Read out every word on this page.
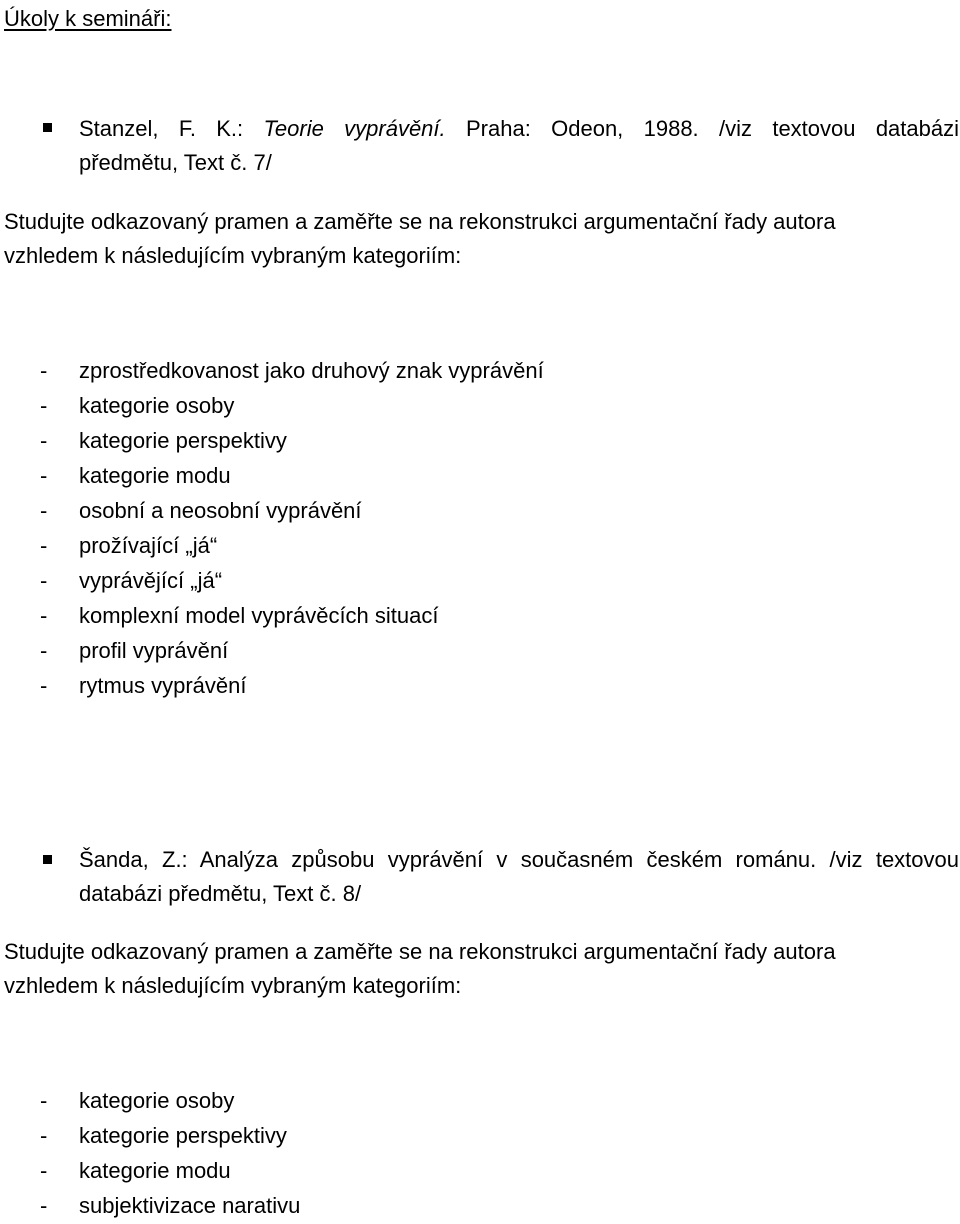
Úkoly k semináři:
Stanzel, F. K.: Teorie vyprávění. Praha: Odeon, 1988. /viz textovou databázi
předmětu, Text č. 7/
Studujte odkazovaný pramen a zaměřte se na rekonstrukci argumentační řady autora
vzhledem k následujícím vybraným kategoriím:
- zprostředkovanost jako druhový znak vyprávění
- kategorie osoby
- kategorie perspektivy
- kategorie modu
- osobní a neosobní vyprávění
- prožívající „já“
- vyprávějící „já“
- komplexní model vyprávěcích situací
- profil vyprávění
- rytmus vyprávění
Šanda, Z.: Analýza způsobu vyprávění v současném českém románu. /viz textovou
databázi předmětu, Text č. 8/
Studujte odkazovaný pramen a zaměřte se na rekonstrukci argumentační řady autora
vzhledem k následujícím vybraným kategoriím:
- kategorie osoby
- kategorie perspektivy
- kategorie modu
- subjektivizace narativu
